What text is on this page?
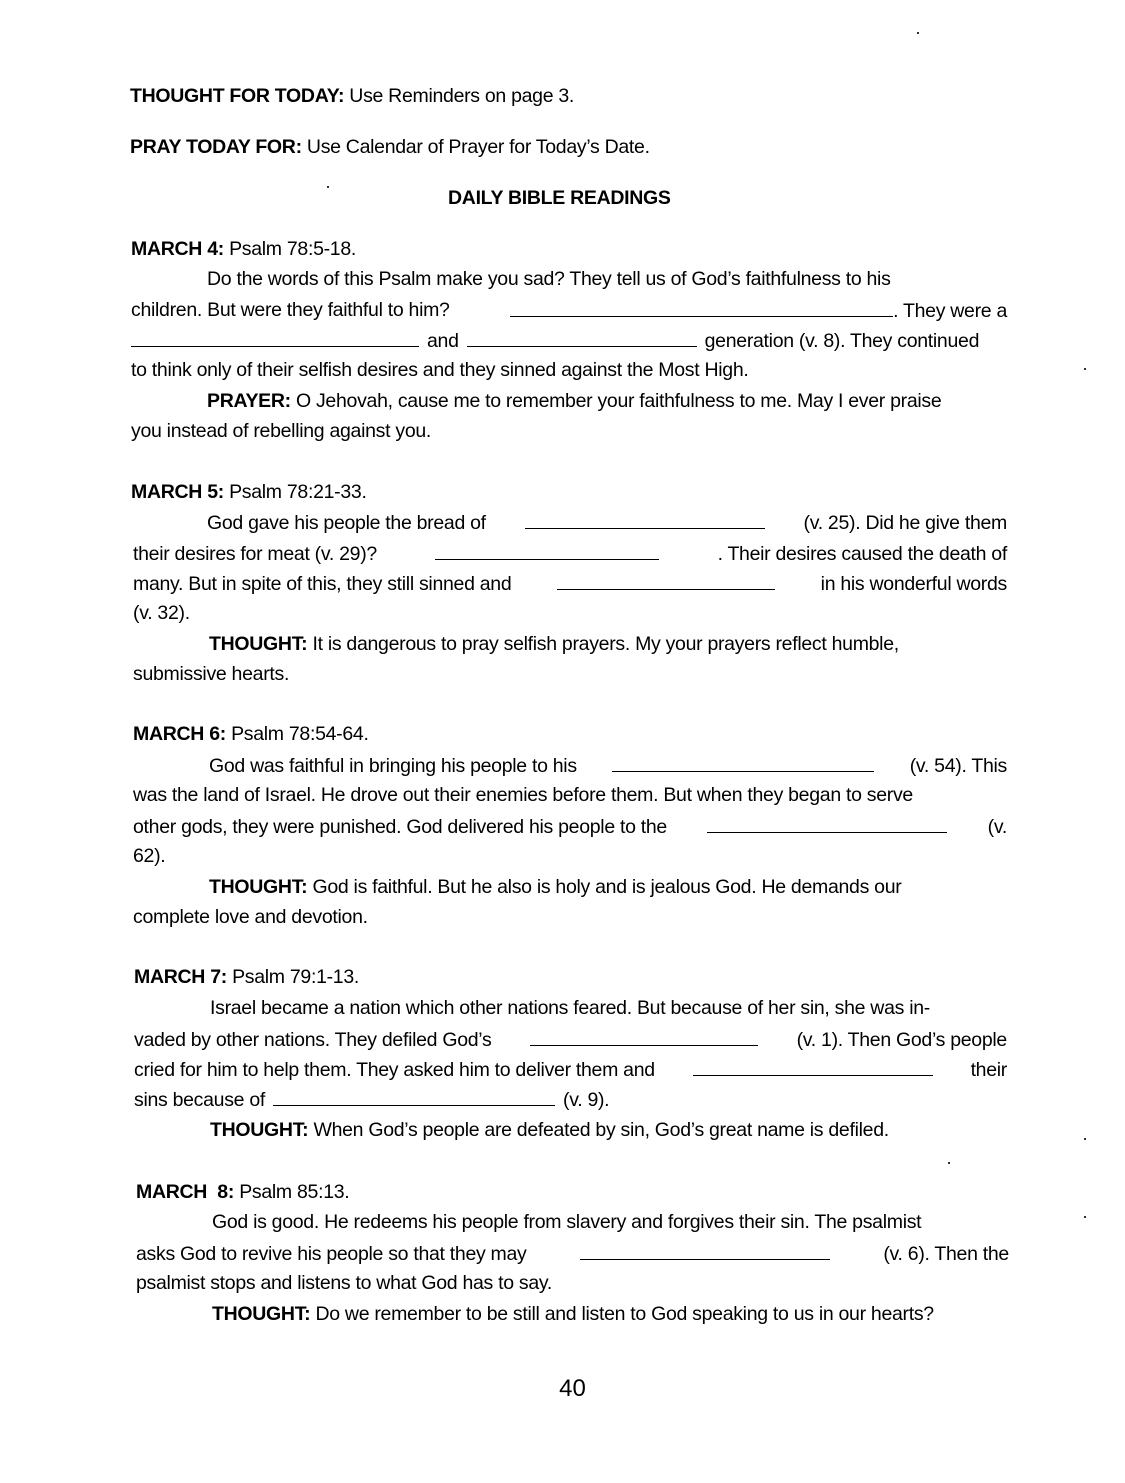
THOUGHT FOR TODAY: Use Reminders on page 3.
PRAY TODAY FOR: Use Calendar of Prayer for Today’s Date.
DAILY BIBLE READINGS
MARCH 4: Psalm 78:5-18.
Do the words of this Psalm make you sad? They tell us of God’s faithfulness to his
children. But were they faithful to him?	. They were a
and	generation (v. 8). They continued
to think only of their selfish desires and they sinned against the Most High.
PRAYER: O Jehovah, cause me to remember your faithfulness to me. May I ever praise
you instead of rebelling against you.
MARCH 5: Psalm 78:21-33.
God gave his people the bread of	(v. 25). Did he give them
their desires for meat (v. 29)?	. Their desires caused the death of
many. But in spite of this, they still sinned and	in his wonderful words
(v. 32).
THOUGHT: It is dangerous to pray selfish prayers. My your prayers reflect humble,
submissive hearts.
MARCH 6: Psalm 78:54-64.
God was faithful in bringing his people to his	(v. 54). This
was the land of Israel. He drove out their enemies before them. But when they began to serve
other gods, they were punished. God delivered his people to the	(v.
62).
THOUGHT: God is faithful. But he also is holy and is jealous God. He demands our
complete love and devotion.
MARCH 7: Psalm 79:1-13.
Israel became a nation which other nations feared. But because of her sin, she was in-
vaded by other nations. They defiled God’s	(v. 1). Then God’s people
cried for him to help them. They asked him to deliver them and	their
sins because of	(v. 9).
THOUGHT: When God’s people are defeated by sin, God’s great name is defiled.
MARCH  8: Psalm 85:13.
God is good. He redeems his people from slavery and forgives their sin. The psalmist
asks God to revive his people so that they may	(v. 6). Then the
psalmist stops and listens to what God has to say.
THOUGHT: Do we remember to be still and listen to God speaking to us in our hearts?
40
